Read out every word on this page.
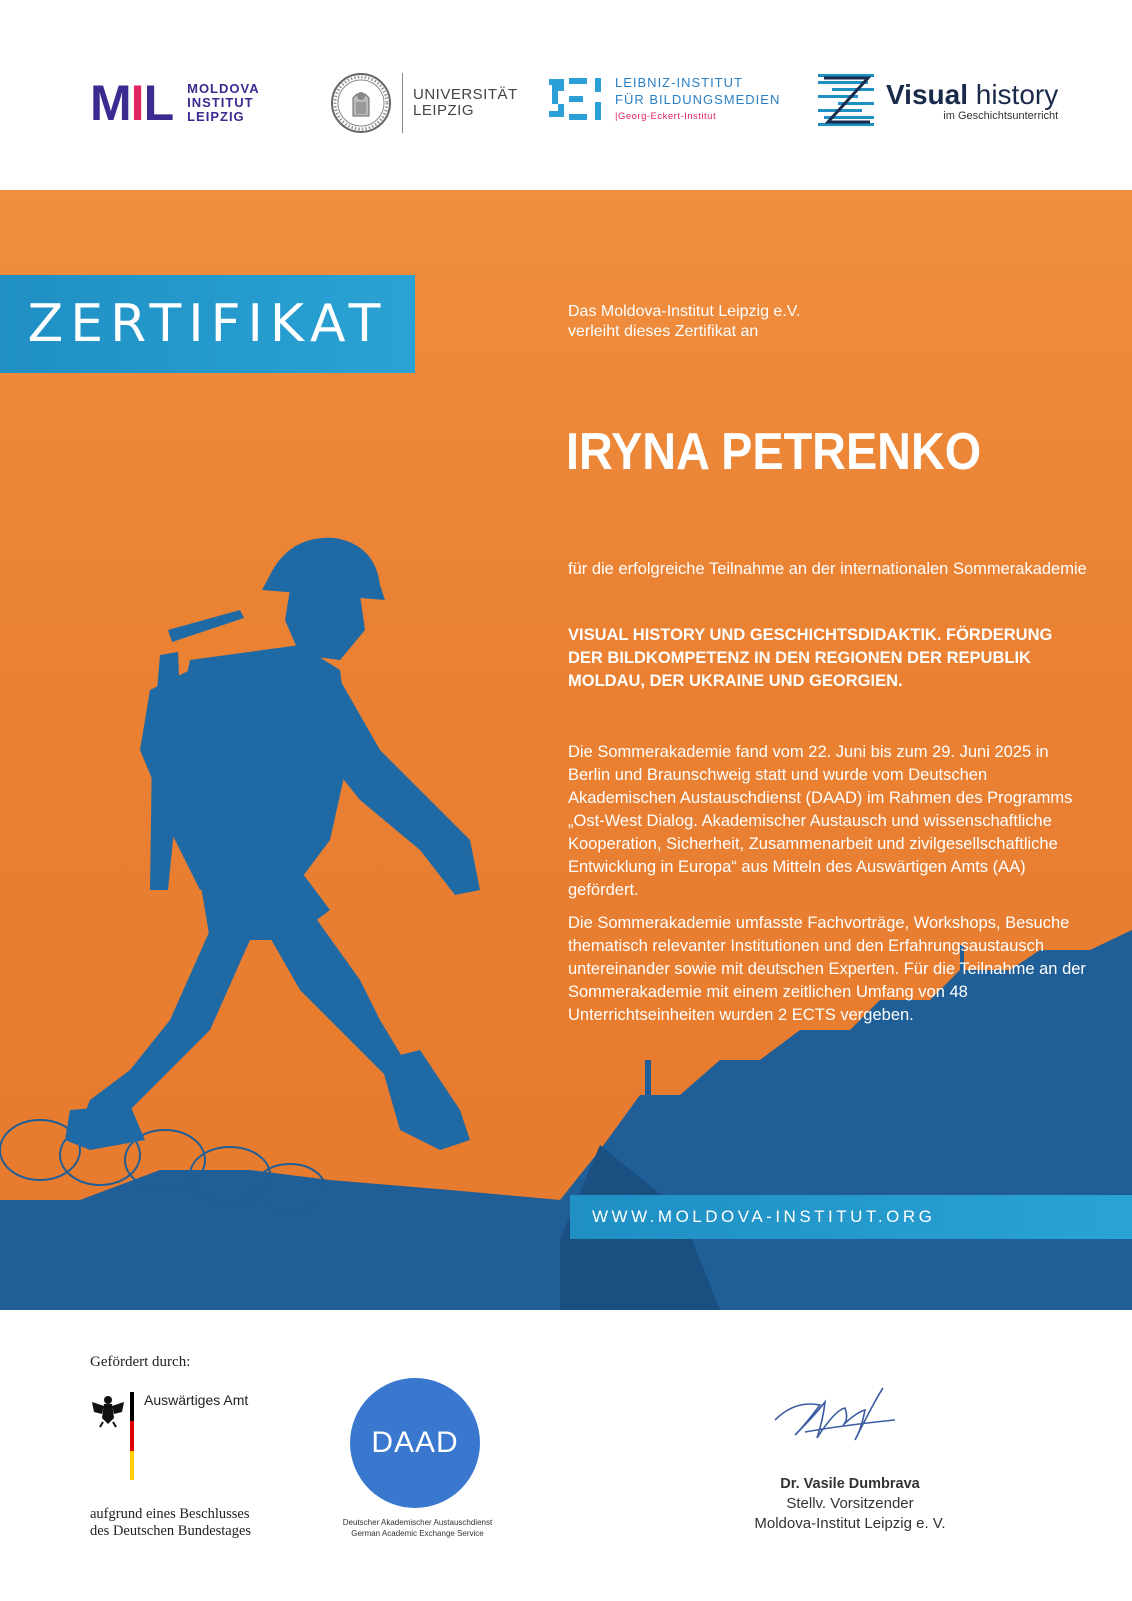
MIL MOLDOVA
INSTITUT
LEIPZIG
UNIVERSITÄT
LEIPZIG
LEIBNIZ-INSTITUT
FÜR BILDUNGSMEDIEN
|Georg-Eckert-Institut
Visual history
im Geschichtsunterricht
ZERTIFIKAT	Das Moldova-Institut Leipzig e.V.
verleiht dieses Zertifikat an
IRYNA PETRENKO
für die erfolgreiche Teilnahme an der internationalen Sommerakademie
VISUAL HISTORY UND GESCHICHTSDIDAKTIK. FÖRDERUNG DER BILDKOMPETENZ IN DEN REGIONEN DER REPUBLIK MOLDAU, DER UKRAINE UND GEORGIEN.
Die Sommerakademie fand vom 22. Juni bis zum 29. Juni 2025 in Berlin und Braunschweig statt und wurde vom Deutschen Akademischen Austauschdienst (DAAD) im Rahmen des Programms „Ost-West Dialog. Akademischer Austausch und wissenschaftliche Kooperation, Sicherheit, Zusammenarbeit und zivilgesellschaftliche Entwicklung in Europa“ aus Mitteln des Auswärtigen Amts (AA) gefördert.
Die Sommerakademie umfasste Fachvorträge, Workshops, Besuche thematisch relevanter Institutionen und den Erfahrungsaustausch untereinander sowie mit deutschen Experten. Für die Teilnahme an der Sommerakademie mit einem zeitlichen Umfang von 48 Unterrichtseinheiten wurden 2 ECTS vergeben.
WWW.MOLDOVA-INSTITUT.ORG
Gefördert durch:
Auswärtiges Amt
aufgrund eines Beschlusses
des Deutschen Bundestages
DAAD
Deutscher Akademischer Austauschdienst
German Academic Exchange Service
Dr. Vasile Dumbrava
Stellv. Vorsitzender
Moldova-Institut Leipzig e. V.
